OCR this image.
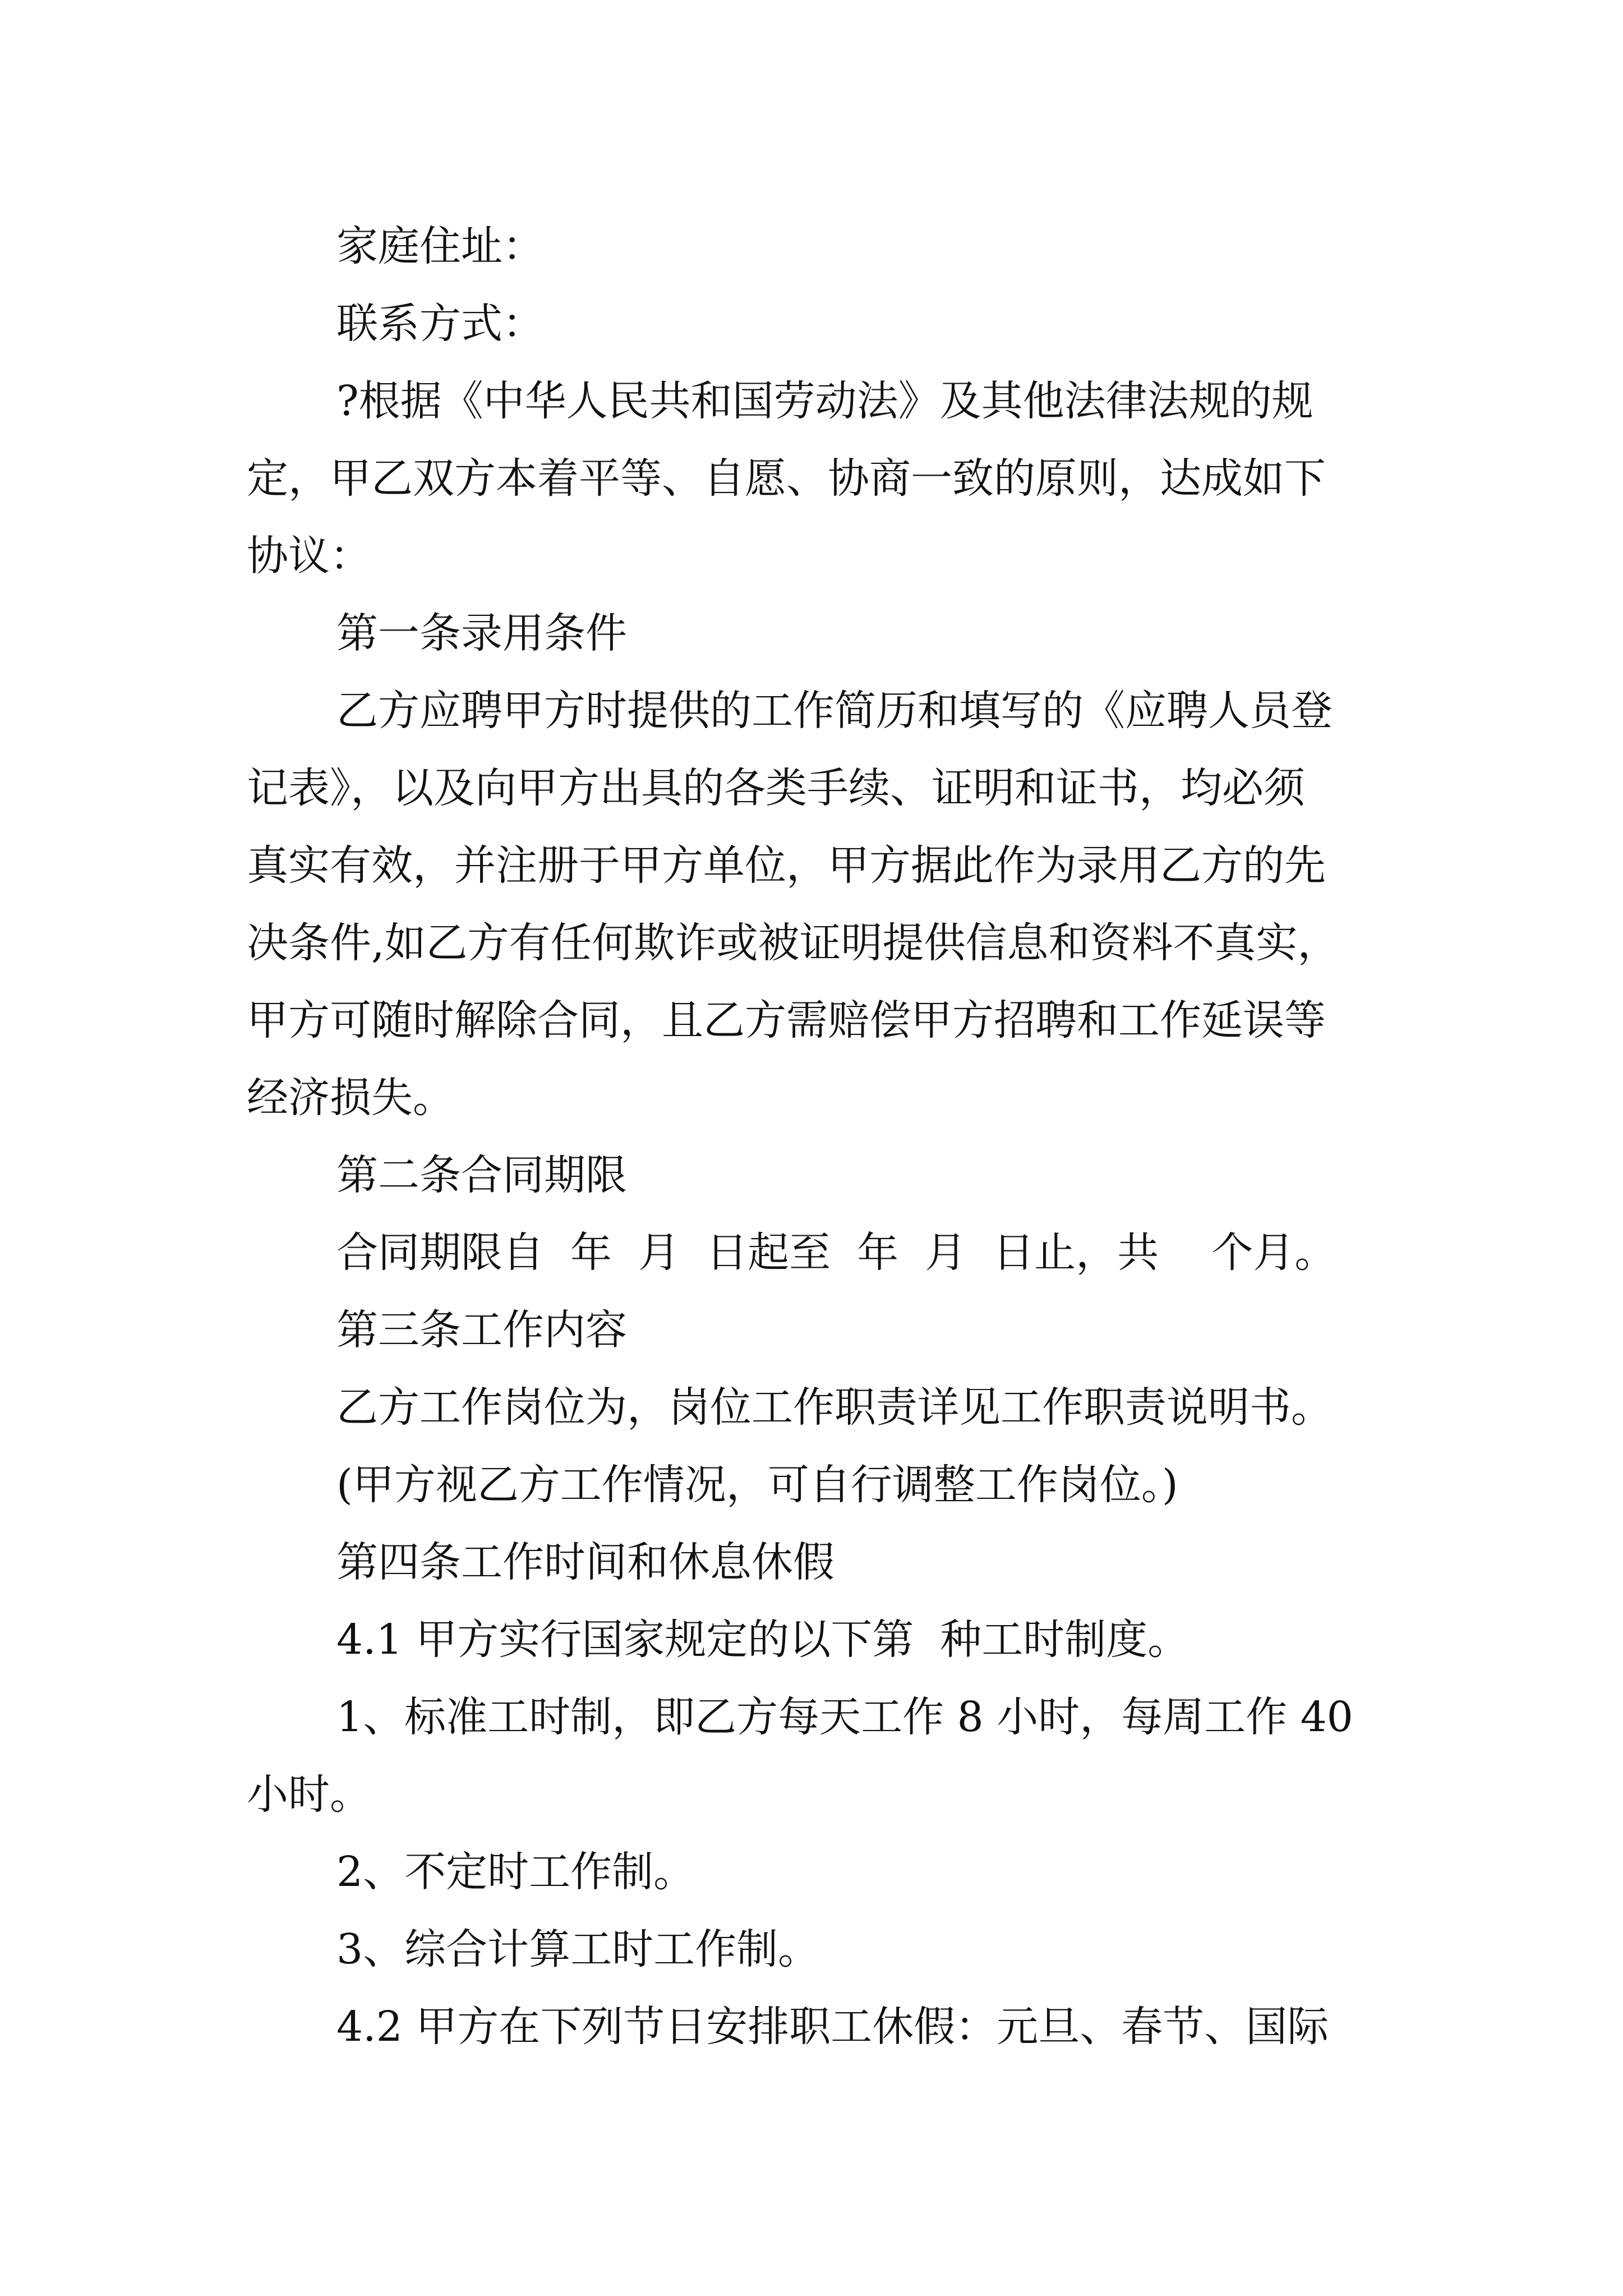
家庭住址：
联系方式：
?根据《中华人民共和国劳动法》及其他法律法规的规
定，甲乙双方本着平等、自愿、协商一致的原则，达成如下
协议：
第一条录用条件
乙方应聘甲方时提供的工作简历和填写的《应聘人员登
记表》，以及向甲方出具的各类手续、证明和证书，均必须
真实有效，并注册于甲方单位，甲方据此作为录用乙方的先
决条件,如乙方有任何欺诈或被证明提供信息和资料不真实，
甲方可随时解除合同，且乙方需赔偿甲方招聘和工作延误等
经济损失。
第二条合同期限
合同期限自  年  月  日起至  年  月  日止，共    个月。
第三条工作内容
乙方工作岗位为，岗位工作职责详见工作职责说明书。
(甲方视乙方工作情况，可自行调整工作岗位。)
第四条工作时间和休息休假
4.1 甲方实行国家规定的以下第  种工时制度。
1、标准工时制，即乙方每天工作 8 小时，每周工作 40
小时。
2、不定时工作制。
3、综合计算工时工作制。
4.2 甲方在下列节日安排职工休假：元旦、春节、国际
